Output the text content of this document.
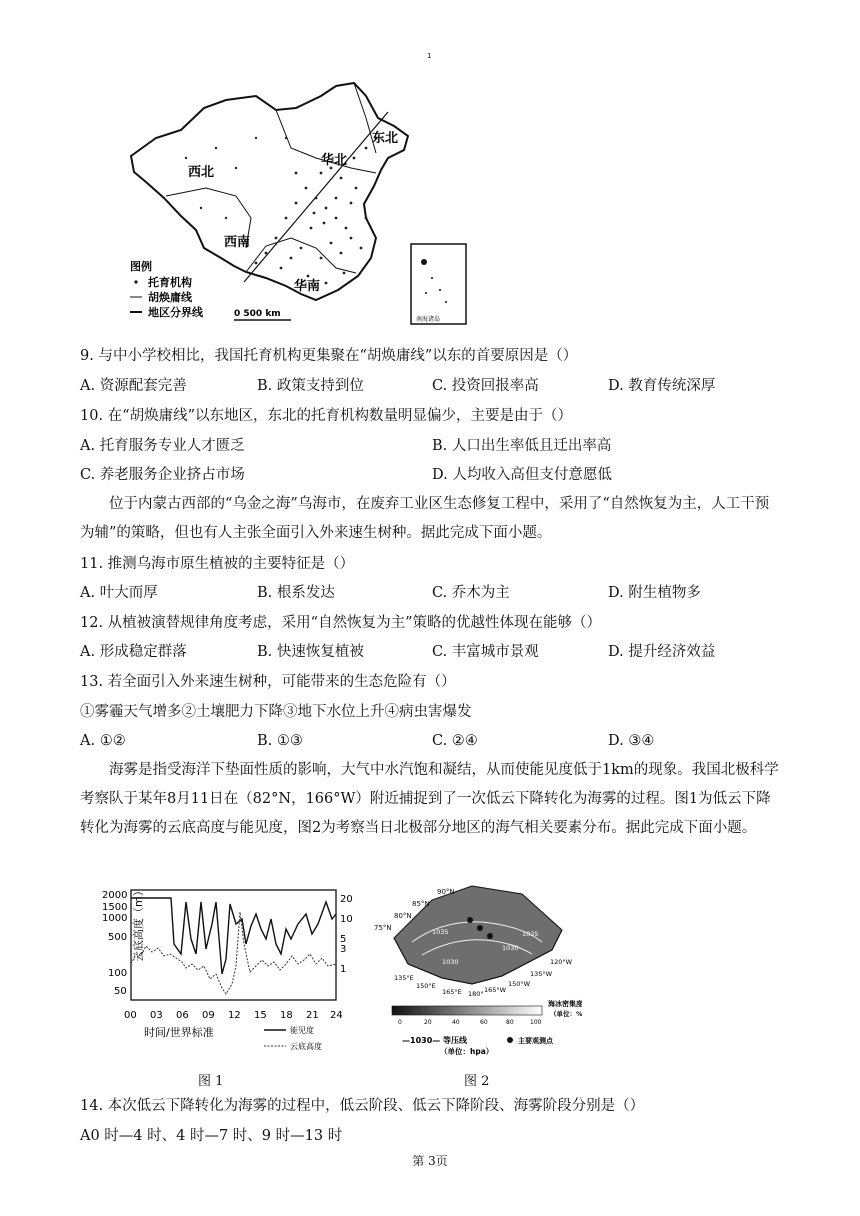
1
西北
华北
东北
西南
华南
图例
托育机构
胡焕庸线
地区分界线	0 500 km
南海诸岛
9. 与中小学校相比，我国托育机构更集聚在“胡焕庸线”以东的首要原因是（）
A. 资源配套完善	B. 政策支持到位	C. 投资回报率高	D. 教育传统深厚
10. 在“胡焕庸线”以东地区，东北的托育机构数量明显偏少，主要是由于（）
A. 托育服务专业人才匮乏	B. 人口出生率低且迁出率高
C. 养老服务企业挤占市场	D. 人均收入高但支付意愿低
位于内蒙古西部的“乌金之海”乌海市，在废弃工业区生态修复工程中，采用了“自然恢复为主，人工干预为辅”的策略，但也有人主张全面引入外来速生树种。据此完成下面小题。
11. 推测乌海市原生植被的主要特征是（）
A. 叶大而厚	B. 根系发达	C. 乔木为主	D. 附生植物多
12. 从植被演替规律角度考虑，采用“自然恢复为主”策略的优越性体现在能够（）
A. 形成稳定群落	B. 快速恢复植被	C. 丰富城市景观	D. 提升经济效益
13. 若全面引入外来速生树种，可能带来的生态危险有（）
①雾霾天气增多②土壤肥力下降③地下水位上升④病虫害爆发
A. ①②	B. ①③	C. ②④	D. ③④
海雾是指受海洋下垫面性质的影响，大气中水汽饱和凝结，从而使能见度低于1km的现象。我国北极科学考察队于某年8月11日在（82°N，166°W）附近捕捉到了一次低云下降转化为海雾的过程。图1为低云下降转化为海雾的云底高度与能见度，图2为考察当日北极部分地区的海气相关要素分布。据此完成下面小题。
云底高度（m）
2000
1500
1000
500
100
50
20
10
5
3
1
00 03 06 09 12 15 18 21 24
时间/世界标准	能见度
云底高度
90°N
85°N
80°N
75°N
135°E
150°E
165°E 180° 165°W
150°W
135°W
120°W
1035
1030
1030
1035
0	20	40	60	80	100
海冰密集度
（单位：%
—1030— 等压线
（单位：hpa）
主要观测点
图 1	图 2
14. 本次低云下降转化为海雾的过程中，低云阶段、低云下降阶段、海雾阶段分别是（）
A0 时—4 时、4 时—7 时、9 时—13 时
第 3页
